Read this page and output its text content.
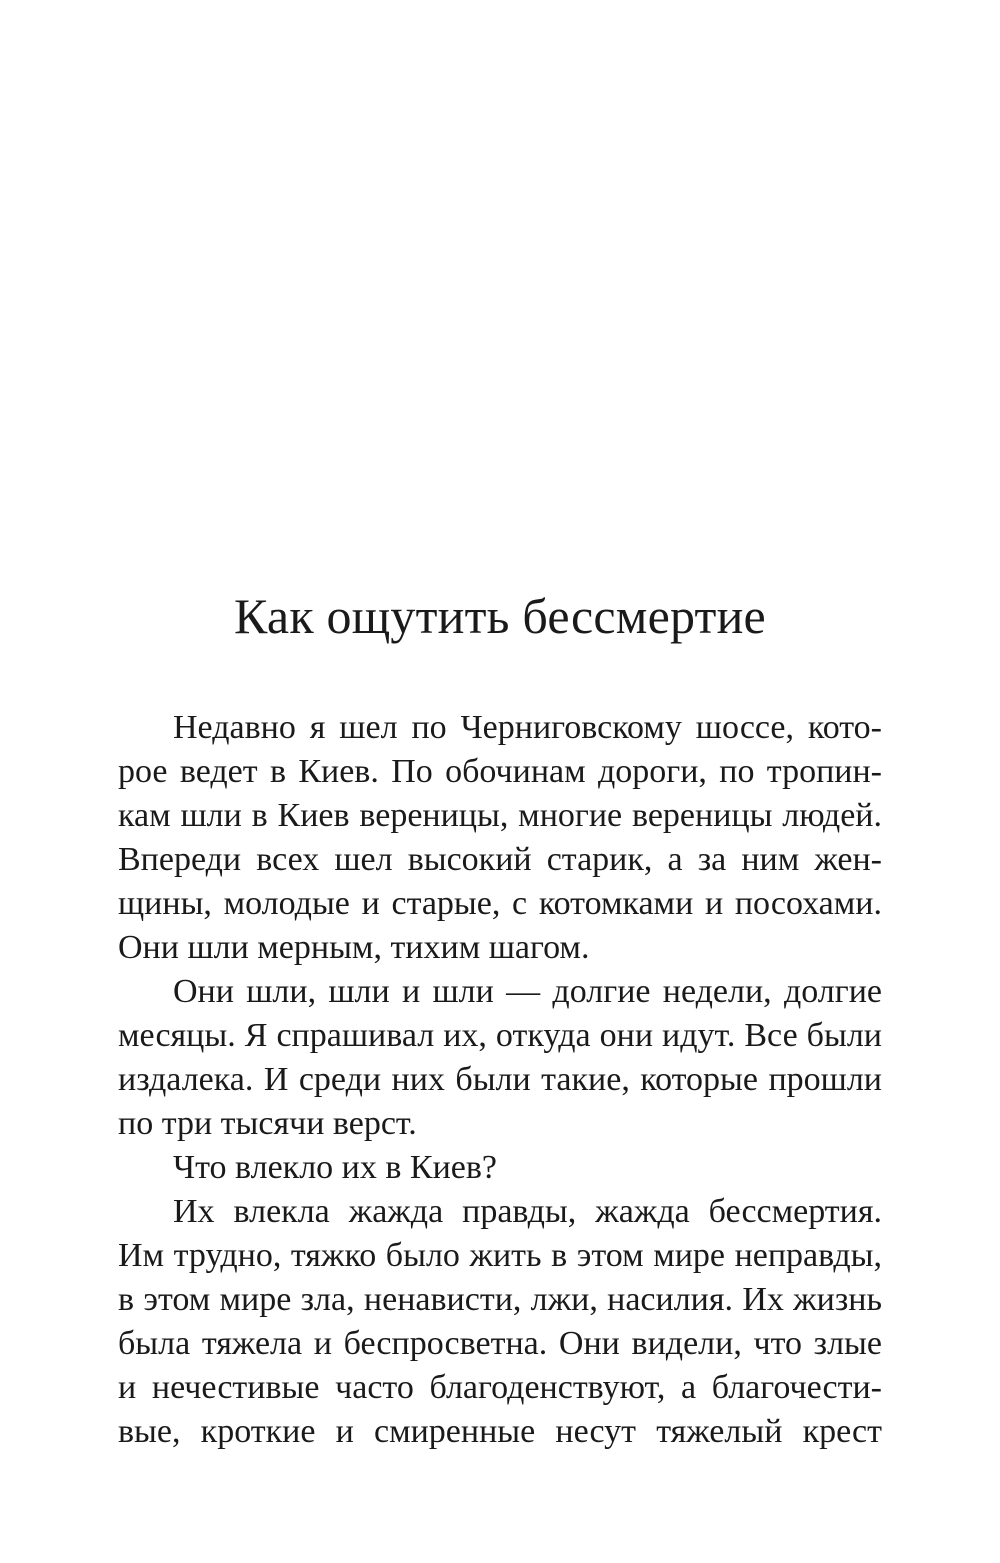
Как ощутить бессмертие
Недавно я шел по Черниговскому шоссе, кото-
рое ведет в Киев. По обочинам дороги, по тропин-
кам шли в Киев вереницы, многие вереницы людей.
Впереди всех шел высокий старик, а за ним жен-
щины, молодые и старые, с котомками и посохами.
Они шли мерным, тихим шагом.
Они шли, шли и шли — долгие недели, долгие
месяцы. Я спрашивал их, откуда они идут. Все были
издалека. И среди них были такие, которые прошли
по три тысячи верст.
Что влекло их в Киев?
Их влекла жажда правды, жажда бессмертия.
Им трудно, тяжко было жить в этом мире неправды,
в этом мире зла, ненависти, лжи, насилия. Их жизнь
была тяжела и беспросветна. Они видели, что злые
и нечестивые часто благоденствуют, а благочести-
вые, кроткие и смиренные несут тяжелый крест
